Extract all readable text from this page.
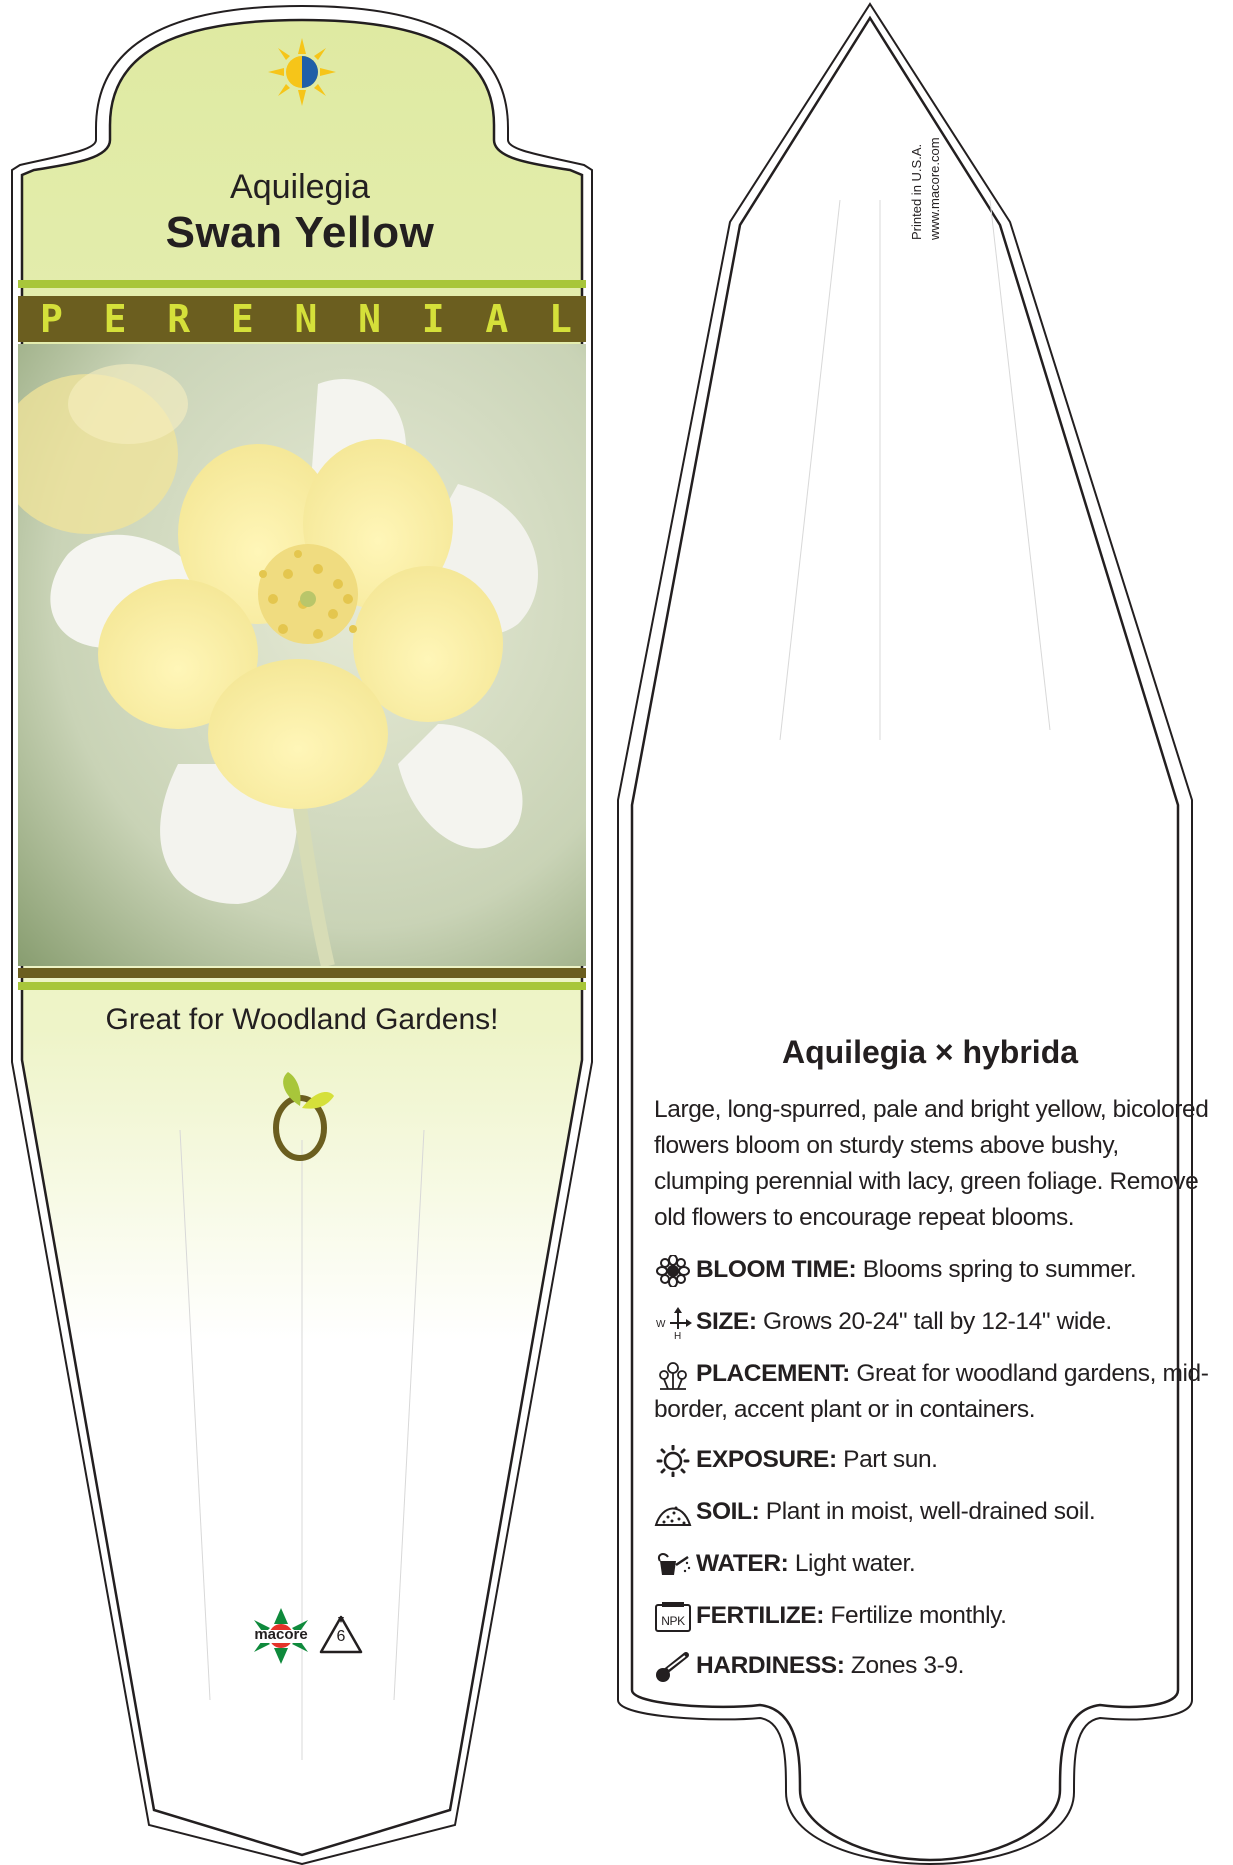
Aquilegia
Swan Yellow
P E R E N N I A L
Great for Woodland Gardens!
macore	6
Printed in U.S.A. www.macore.com
Aquilegia × hybrida
Large, long-spurred, pale and bright yellow, bicolored flowers bloom on sturdy stems above bushy, clumping perennial with lacy, green foliage. Remove old flowers to encourage repeat blooms.
BLOOM TIME: Blooms spring to summer.
W
H
SIZE: Grows 20-24" tall by 12-14" wide.
PLACEMENT: Great for woodland gardens, mid-border, accent plant or in containers.
EXPOSURE: Part sun.
SOIL: Plant in moist, well-drained soil.
WATER: Light water.
NPK FERTILIZE: Fertilize monthly.
HARDINESS: Zones 3-9.
